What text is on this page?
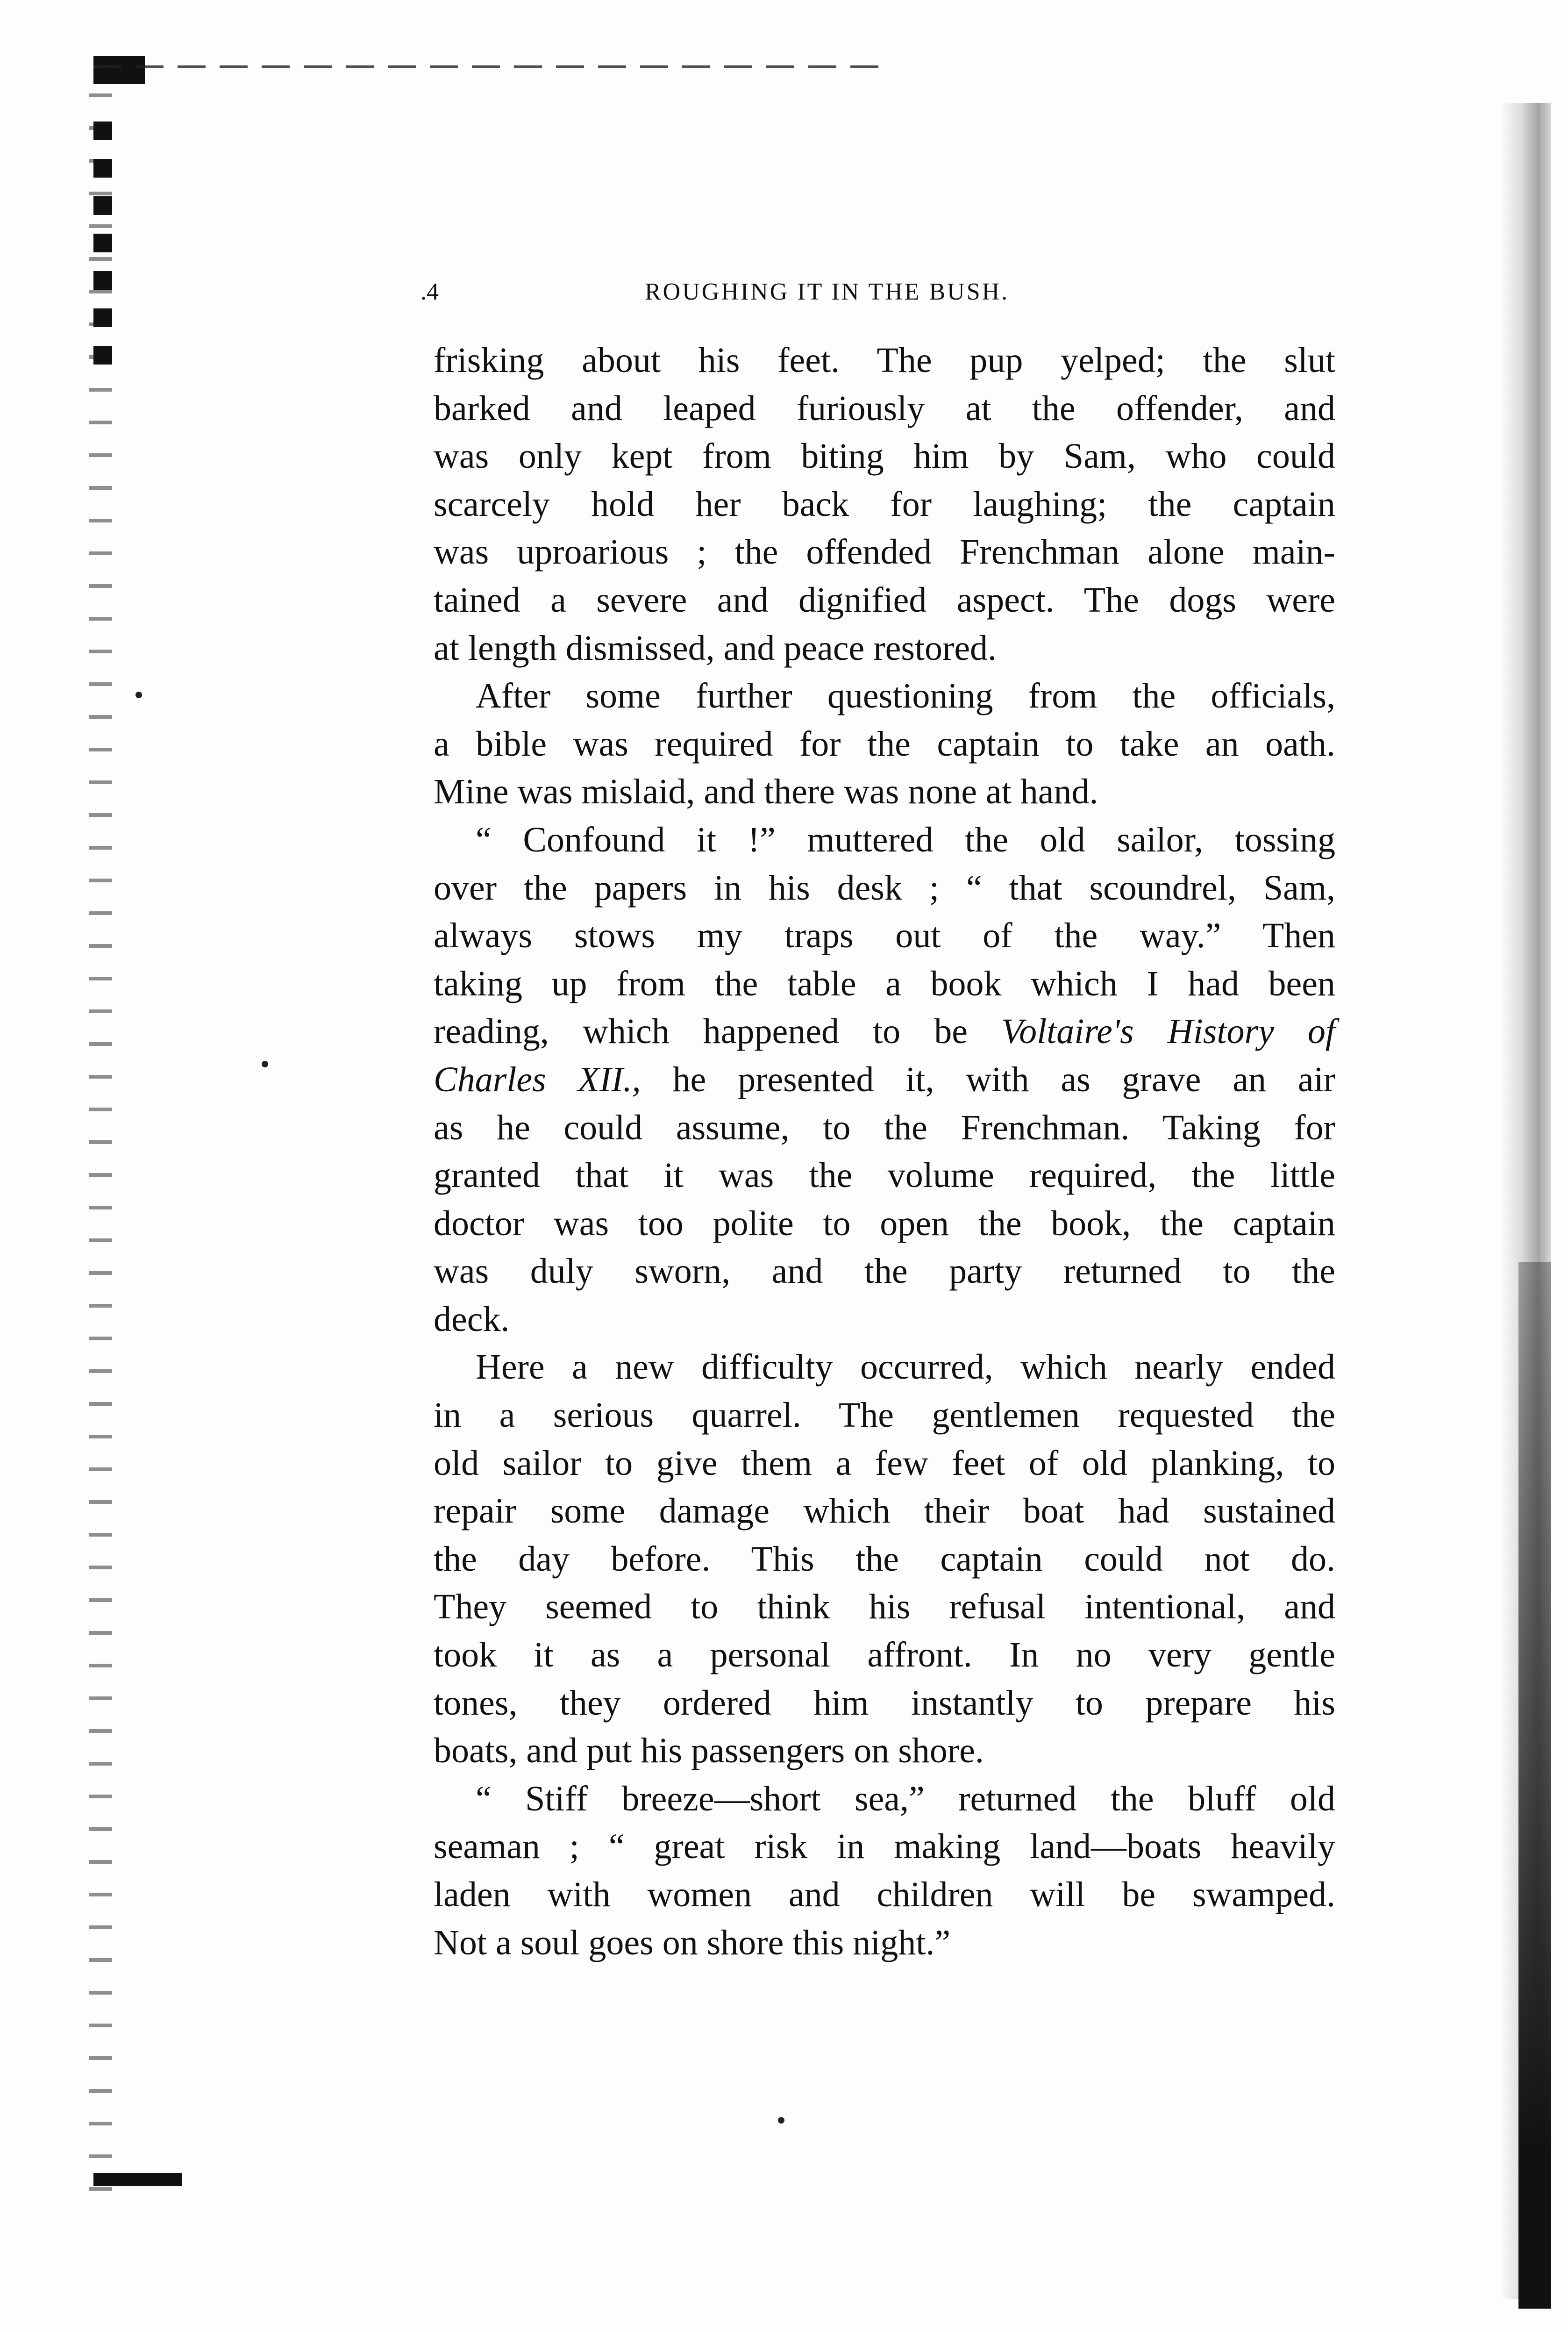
.4	ROUGHING IT IN THE BUSH.
frisking about his feet. The pup yelped; the slut
barked and leaped furiously at the offender, and
was only kept from biting him by Sam, who could
scarcely hold her back for laughing; the captain
was uproarious ; the offended Frenchman alone main-
tained a severe and dignified aspect. The dogs were
at length dismissed, and peace restored.
After some further questioning from the officials,
a bible was required for the captain to take an oath.
Mine was mislaid, and there was none at hand.
“ Confound it !” muttered the old sailor, tossing
over the papers in his desk ; “ that scoundrel, Sam,
always stows my traps out of the way.” Then
taking up from the table a book which I had been
reading, which happened to be Voltaire's History of
Charles XII., he presented it, with as grave an air
as he could assume, to the Frenchman. Taking for
granted that it was the volume required, the little
doctor was too polite to open the book, the captain
was duly sworn, and the party returned to the
deck.
Here a new difficulty occurred, which nearly ended
in a serious quarrel. The gentlemen requested the
old sailor to give them a few feet of old planking, to
repair some damage which their boat had sustained
the day before. This the captain could not do.
They seemed to think his refusal intentional, and
took it as a personal affront. In no very gentle
tones, they ordered him instantly to prepare his
boats, and put his passengers on shore.
“ Stiff breeze—short sea,” returned the bluff old
seaman ; “ great risk in making land—boats heavily
laden with women and children will be swamped.
Not a soul goes on shore this night.”
